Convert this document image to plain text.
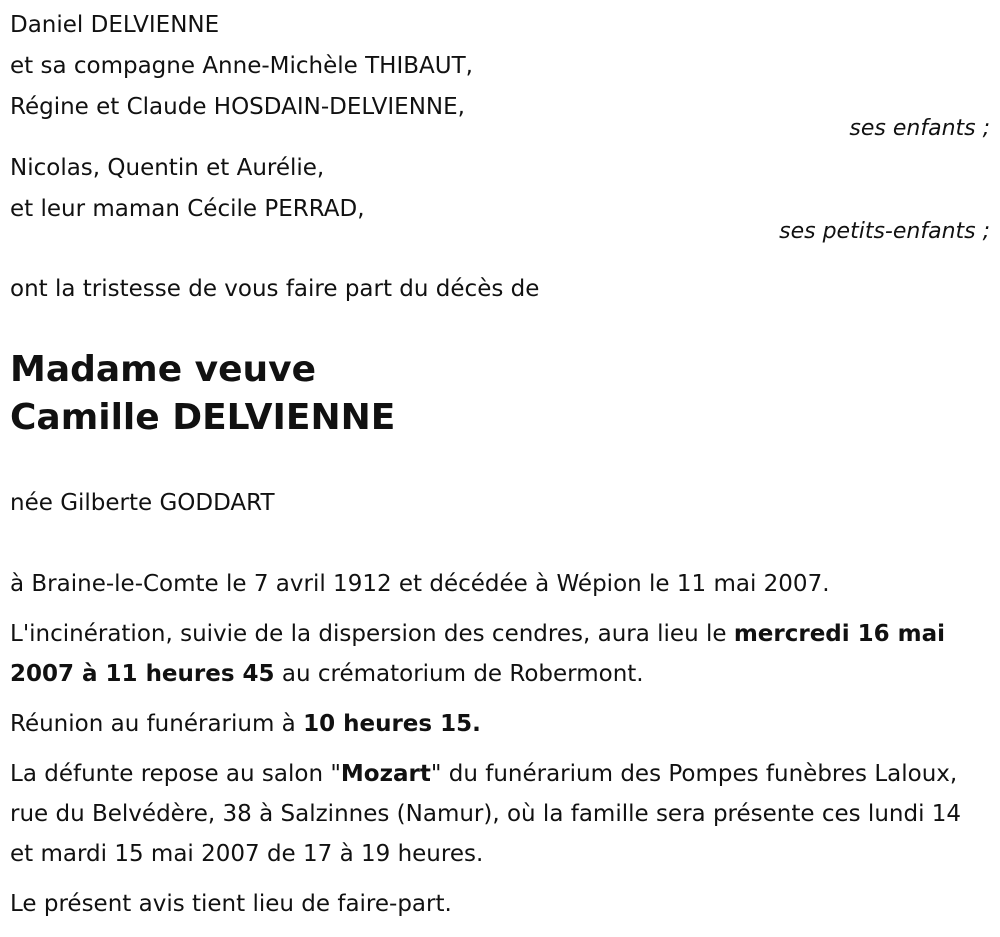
Daniel DELVIENNE

et sa compagne Anne-Michèle THIBAUT,

Régine et Claude HOSDAIN-DELVIENNE,

ses enfants ;

Nicolas, Quentin et Aurélie,

et leur maman Cécile PERRAD,

ses petits-enfants ;

ont la tristesse de vous faire part du décès de

Madame veuve

Camille DELVIENNE

née Gilberte GODDART

à Braine-le-Comte le 7 avril 1912 et décédée à Wépion le 11 mai 2007.

L'incinération, suivie de la dispersion des cendres, aura lieu le mercredi 16 mai 2007 à 11 heures 45 au crématorium de Robermont.

Réunion au funérarium à 10 heures 15.

La défunte repose au salon "Mozart" du funérarium des Pompes funèbres Laloux, rue du Belvédère, 38 à Salzinnes (Namur), où la famille sera présente ces lundi 14 et mardi 15 mai 2007 de 17 à 19 heures.

Le présent avis tient lieu de faire-part.
